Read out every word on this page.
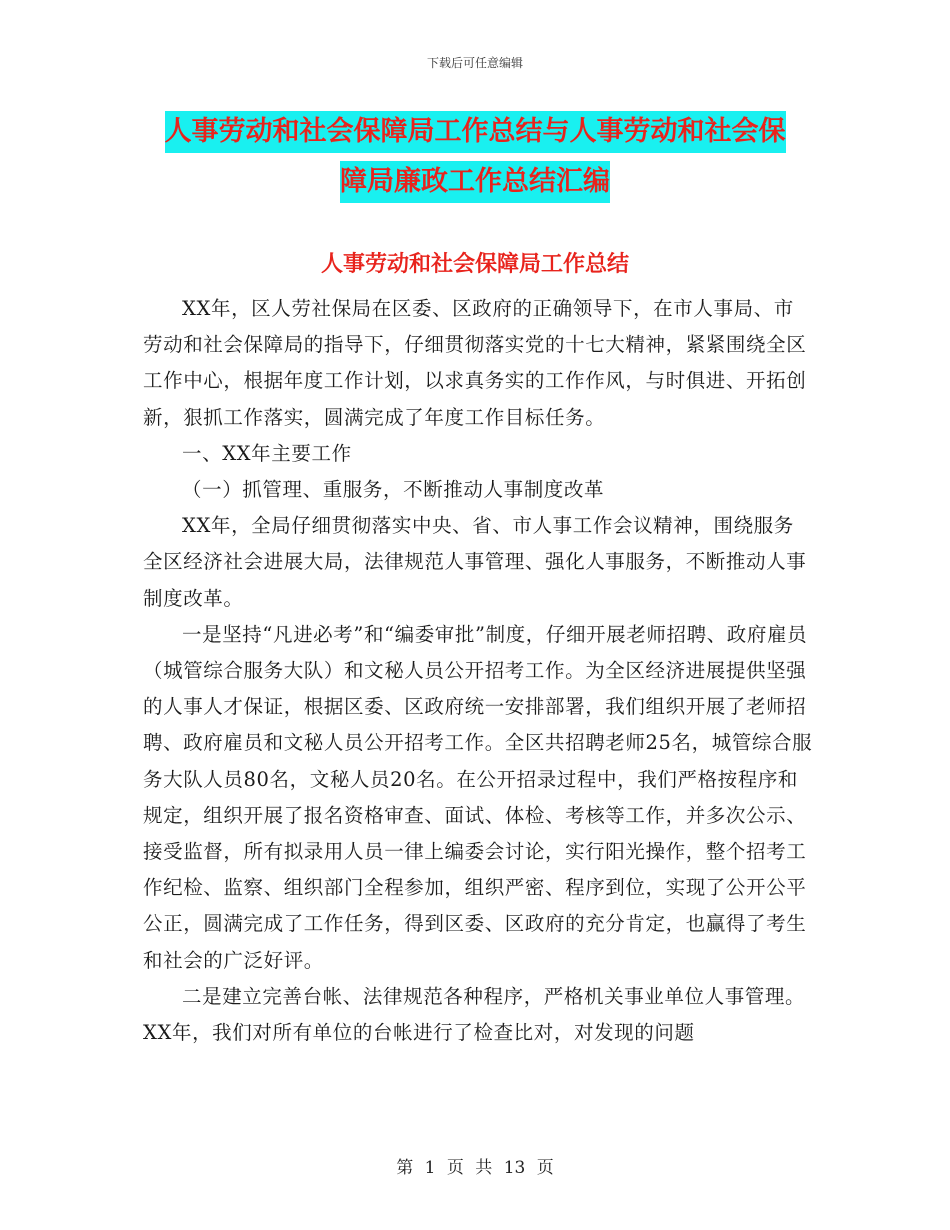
下载后可任意编辑
人事劳动和社会保障局工作总结与人事劳动和社会保
障局廉政工作总结汇编
人事劳动和社会保障局工作总结

XX年，区人劳社保局在区委、区政府的正确领导下，在市人事局、市劳动和社会保障局的指导下，仔细贯彻落实党的十七大精神，紧紧围绕全区工作中心，根据年度工作计划，以求真务实的工作作风，与时俱进、开拓创新，狠抓工作落实，圆满完成了年度工作目标任务。

一、XX年主要工作

（一）抓管理、重服务，不断推动人事制度改革

XX年，全局仔细贯彻落实中央、省、市人事工作会议精神，围绕服务全区经济社会进展大局，法律规范人事管理、强化人事服务，不断推动人事制度改革。

一是坚持“凡进必考”和“编委审批”制度，仔细开展老师招聘、政府雇员（城管综合服务大队）和文秘人员公开招考工作。为全区经济进展提供坚强的人事人才保证，根据区委、区政府统一安排部署，我们组织开展了老师招聘、政府雇员和文秘人员公开招考工作。全区共招聘老师25名，城管综合服务大队人员80名，文秘人员20名。在公开招录过程中，我们严格按程序和规定，组织开展了报名资格审查、面试、体检、考核等工作，并多次公示、接受监督，所有拟录用人员一律上编委会讨论，实行阳光操作，整个招考工作纪检、监察、组织部门全程参加，组织严密、程序到位，实现了公开公平公正，圆满完成了工作任务，得到区委、区政府的充分肯定，也赢得了考生和社会的广泛好评。

二是建立完善台帐、法律规范各种程序，严格机关事业单位人事管理。XX年，我们对所有单位的台帐进行了检查比对，对发现的问题

第 1 页 共 13 页
